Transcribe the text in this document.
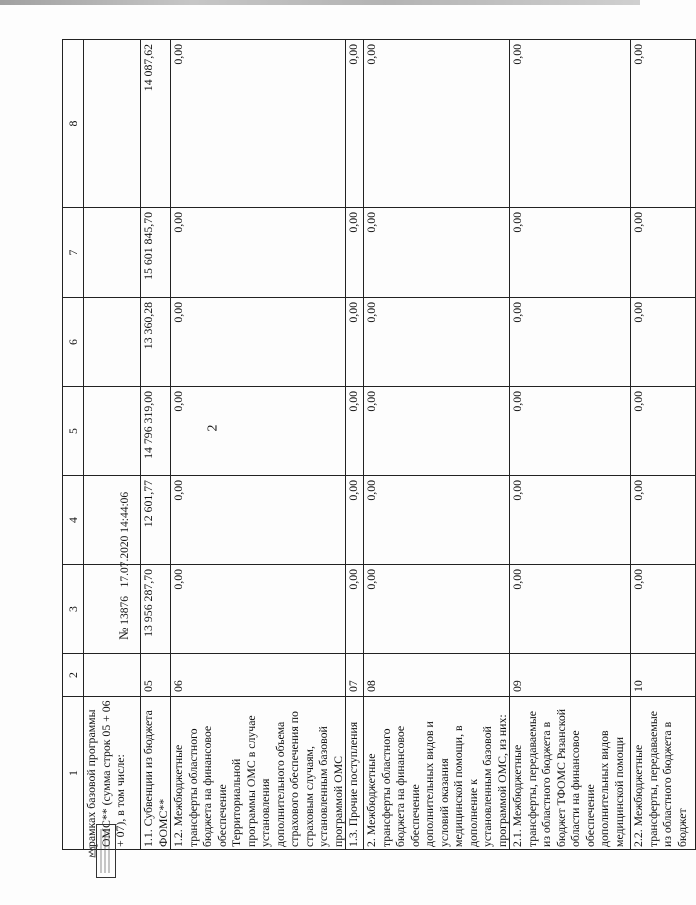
2
1	2	3	4	5	6	7	8
рамках базовой программы ОМС** (сумма строк 05 + 06 + 07), в том числе:							
1.1. Субвенции из бюджета ФОМС**	05	13 956 287,70	12 601,77	14 796 319,00	13 360,28	15 601 845,70	14 087,62
1.2. Межбюджетные трансферты областного бюджета на финансовое обеспечение Территориальной программы ОМС в случае установления дополнительного объема страхового обеспечения по страховым случаям, установленным базовой программой ОМС	06	0,00	0,00	0,00	0,00	0,00	0,00
1.3. Прочие поступления	07	0,00	0,00	0,00	0,00	0,00	0,00
2. Межбюджетные трансферты областного бюджета на финансовое обеспечение дополнительных видов и условий оказания медицинской помощи, в дополнение к установленным базовой программой ОМС, из них:	08	0,00	0,00	0,00	0,00	0,00	0,00
2.1. Межбюджетные трансферты, передаваемые из областного бюджета в бюджет ТФОМС Рязанской области на финансовое обеспечение дополнительных видов медицинской помощи	09	0,00	0,00	0,00	0,00	0,00	0,00
2.2. Межбюджетные трансферты, передаваемые из областного бюджета в бюджет	10	0,00	0,00	0,00	0,00	0,00	0,00
№ 13876   17.07.2020 14:44:06
